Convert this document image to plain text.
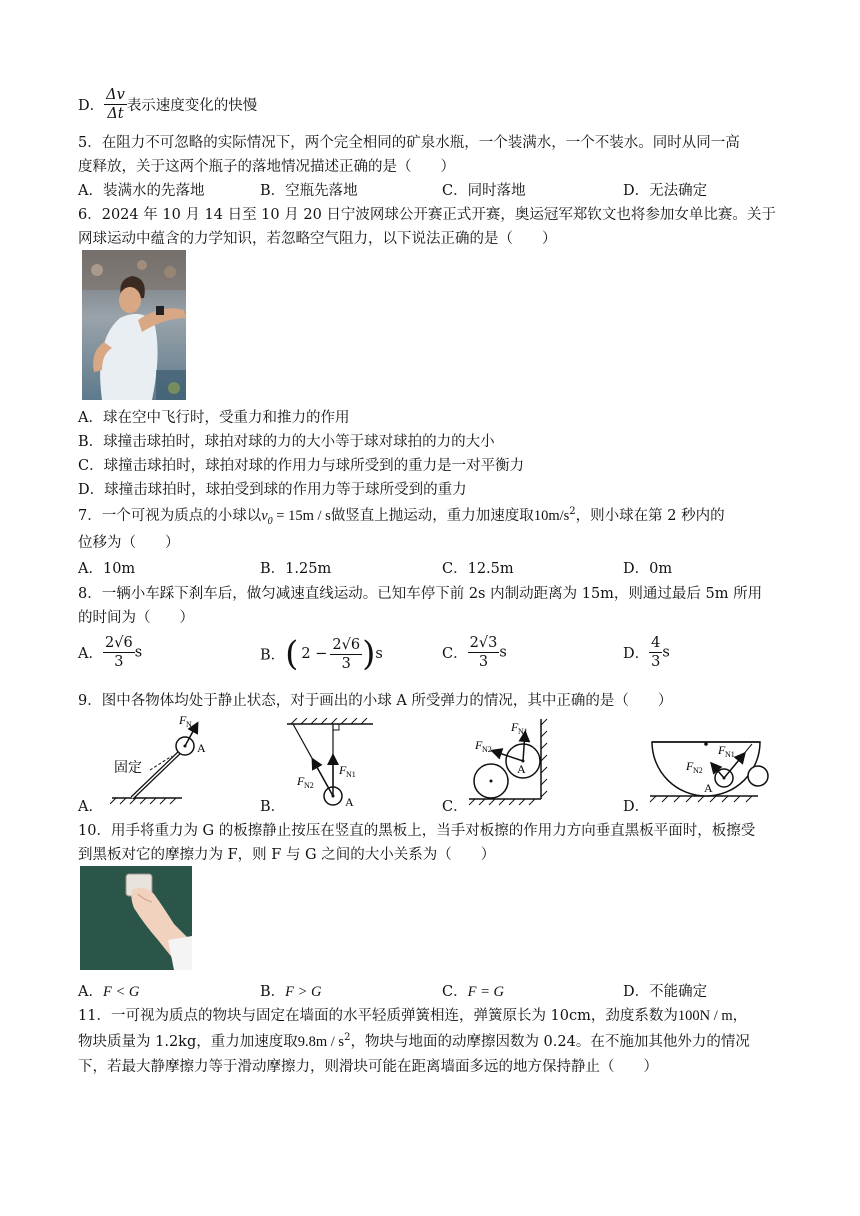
D． $\frac{\Delta v}{\Delta t}$ 表示速度变化的快慢
5．在阻力不可忽略的实际情况下，两个完全相同的矿泉水瓶，一个装满水，一个不装水。同时从同一高
度释放，关于这两个瓶子的落地情况描述正确的是（　　）
A．装满水的先落地	B．空瓶先落地	C．同时落地	D．无法确定
6．2024 年 10 月 14 日至 10 月 20 日宁波网球公开赛正式开赛，奥运冠军郑钦文也将参加女单比赛。关于
网球运动中蕴含的力学知识，若忽略空气阻力，以下说法正确的是（　　）
A．球在空中飞行时，受重力和推力的作用
B．球撞击球拍时，球拍对球的力的大小等于球对球拍的力的大小
C．球撞击球拍时，球拍对球的作用力与球所受到的重力是一对平衡力
D．球撞击球拍时，球拍受到球的作用力等于球所受到的重力
7．一个可视为质点的小球以$v_0 = 15m / s$做竖直上抛运动，重力加速度取$10m/s^2$，则小球在第 2 秒内的
位移为（　　）
A．10m	B．1.25m	C．12.5m	D．0m
8．一辆小车踩下刹车后，做匀减速直线运动。已知车停下前 2s 内制动距离为 15m，则通过最后 5m 所用
的时间为（　　）
A． $\frac{2√6}{3}$ s	B．( $2 - \frac{2√6}{3} )s$	C． $\frac{2√3}{3}$ s	D． $\frac{4}{3}$ s
9．图中各物体均处于静止状态，对于画出的小球 A 所受弹力的情况，其中正确的是（　　）
A．	B．	C．	D．
F N
A
固定	F N1
F N2
A
F N1
F N2
A
F N1
F N2
A
10．用手将重力为 G 的板擦静止按压在竖直的黑板上，当手对板擦的作用力方向垂直黑板平面时，板擦受
到黑板对它的摩擦力为 F，则 F 与 G 之间的大小关系为（　　）
A．F < G	B．F > G	C．F = G	D．不能确定
11．一可视为质点的物块与固定在墙面的水平轻质弹簧相连，弹簧原长为 10cm，劲度系数为100N / m，
物块质量为 1.2kg，重力加速度取$9.8m / s^2$，物块与地面的动摩擦因数为 0.24。在不施加其他外力的情况
下，若最大静摩擦力等于滑动摩擦力，则滑块可能在距离墙面多远的地方保持静止（　　）
